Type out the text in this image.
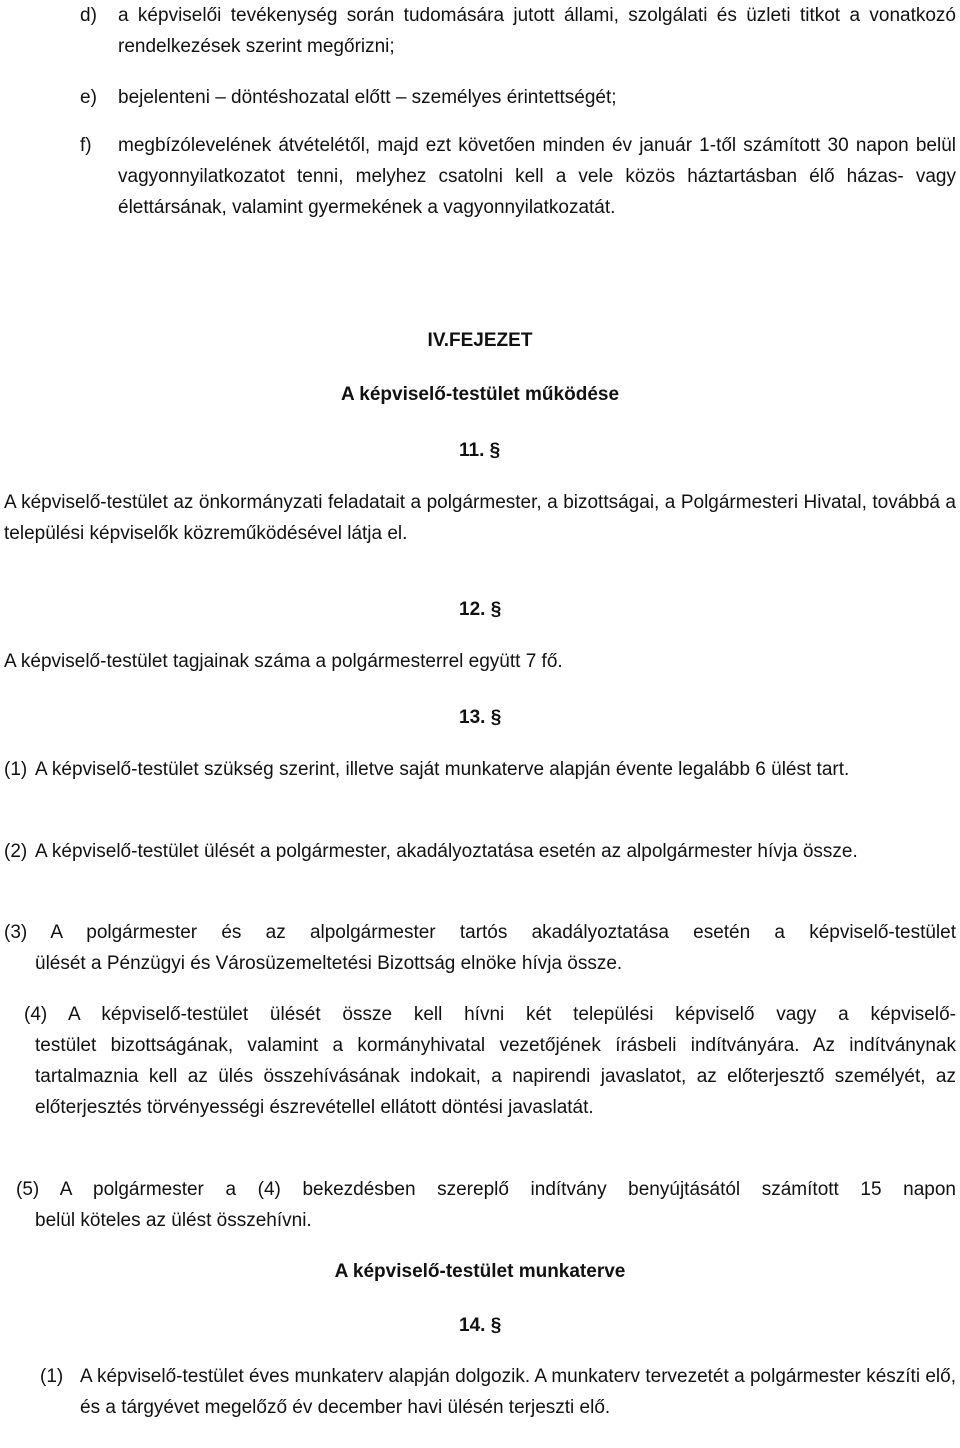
d)	a képviselői tevékenység során tudomására jutott állami, szolgálati és üzleti titkot a vonatkozó rendelkezések szerint megőrizni;
e)	bejelenteni – döntéshozatal előtt – személyes érintettségét;
f)	megbízólevelének átvételétől, majd ezt követően minden év január 1-től számított 30 napon belül vagyonnyilatkozatot tenni, melyhez csatolni kell a vele közös háztartásban élő házas- vagy élettársának, valamint gyermekének a vagyonnyilatkozatát.
IV.FEJEZET
A képviselő-testület működése
11. §
A képviselő-testület az önkormányzati feladatait a polgármester, a bizottságai, a Polgármesteri Hivatal, továbbá a települési képviselők közreműködésével látja el.
12. §
A képviselő-testület tagjainak száma a polgármesterrel együtt 7 fő.
13. §
(1) A képviselő-testület szükség szerint, illetve saját munkaterve alapján évente legalább 6 ülést tart.
(2) A képviselő-testület ülését a polgármester, akadályoztatása esetén az alpolgármester hívja össze.
(3) A polgármester és az alpolgármester tartós akadályoztatása esetén a képviselő-testület
ülését a Pénzügyi és Városüzemeltetési Bizottság elnöke hívja össze.
(4) A képviselő-testület ülését össze kell hívni két települési képviselő vagy a képviselő-
testület bizottságának, valamint a kormányhivatal vezetőjének írásbeli indítványára. Az indítványnak tartalmaznia kell az ülés összehívásának indokait, a napirendi javaslatot, az előterjesztő személyét, az előterjesztés törvényességi észrevétellel ellátott döntési javaslatát.
(5) A polgármester a (4) bekezdésben szereplő indítvány benyújtásától számított 15 napon
belül köteles az ülést összehívni.
A képviselő-testület munkaterve
14. §
(1) A képviselő-testület éves munkaterv alapján dolgozik. A munkaterv tervezetét a polgármester készíti elő, és a tárgyévet megelőző év december havi ülésén terjeszti elő.
